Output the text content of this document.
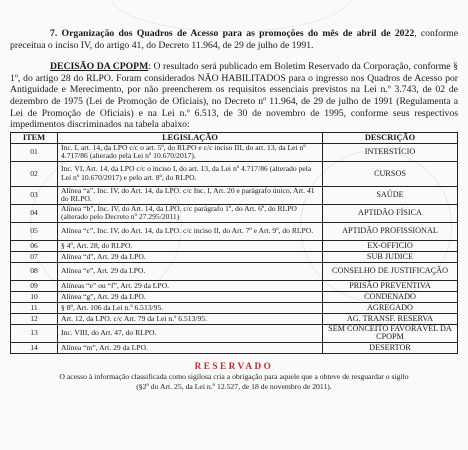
7. Organização dos Quadros de Acesso para as promoções do mês de abril de 2022, conforme preceitua o inciso IV, do artigo 41, do Decreto 11.964, de 29 de julho de 1991.

DECISÃO DA CPOPM: O resultado será publicado em Boletim Reservado da Corporação, conforme § 1º, do artigo 28 do RLPO. Foram considerados NÃO HABILITADOS para o ingresso nos Quadros de Acesso por Antiguidade e Merecimento, por não preencherem os requisitos essenciais previstos na Lei n.º 3.743, de 02 de dezembro de 1975 (Lei de Promoção de Oficiais), no Decreto nº 11.964, de 29 de julho de 1991 (Regulamenta a Lei de Promoção de Oficiais) e na Lei n.º 6.513, de 30 de novembro de 1995, conforme seus respectivos impedimentos discriminados na tabela abaixo:

ITEM	LEGISLAÇÃO	DESCRIÇÃO
01	Inc. I, art. 14, da LPO c/c o art. 5º, do RLPO e c/c inciso III, do art. 13, da Lei nº 4.717/86 (alterado pela Lei nº 10.670/2017).	INTERSTÍCIO
02	Inc. VI, Art. 14, da LPO c/c o inciso I, do art. 13, da Lei nº 4.717/86 (alterado pela Lei nº 10.670/2017) e pelo art. 8º, do RLPO.	CURSOS
03	Alínea “a”, Inc. IV, do Art. 14, da LPO. c/c Inc. I, Art. 20 e parágrafo único, Art. 41 do RLPO.	SAÚDE
04	Alínea “b”, Inc. IV, do Art. 14, da LPO. c/c parágrafo 1º, do Art. 6º, do RLPO (alterado pelo Decreto nº 27.295/2011)	APTIDÃO FÍSICA
05	Alínea “c”, Inc. IV, do Art. 14, da LPO. c/c inciso II, do Art. 7º e Art. 9º, do RLPO.	APTIDÃO PROFISSIONAL
06	§ 4º, Art. 28, do RLPO.	EX-OFFICIO
07	Alínea “d”, Art. 29 da LPO.	SUB JUDICE
08	Alínea “e”, Art. 29 da LPO.	CONSELHO DE JUSTIFICAÇÃO
09	Alíneas “e” ou “f”, Art. 29 da LPO.	PRISÃO PREVENTIVA
10	Alínea “g”, Art. 29 da LPO.	CONDENADO
11	§ 8º, Art. 106 da Lei n.º 6.513/95.	AGREGADO
12	Art. 12, da LPO. c/c Art. 79 da Lei n.º 6.513/95.	AG. TRANSF. RESERVA
13	Inc. VIII, do Art. 47, do RLPO.	SEM CONCEITO FAVORÁVEL DA CPOPM
14	Alínea “m”, Art. 29 da LPO.	DESERTOR
RESERVADO

O acesso à informação classificada como sigilosa cria a obrigação para aquele que a obteve de resguardar o sigilo
(§2º do Art. 25, da Lei n.º 12.527, de 18 de novembro de 2011).
